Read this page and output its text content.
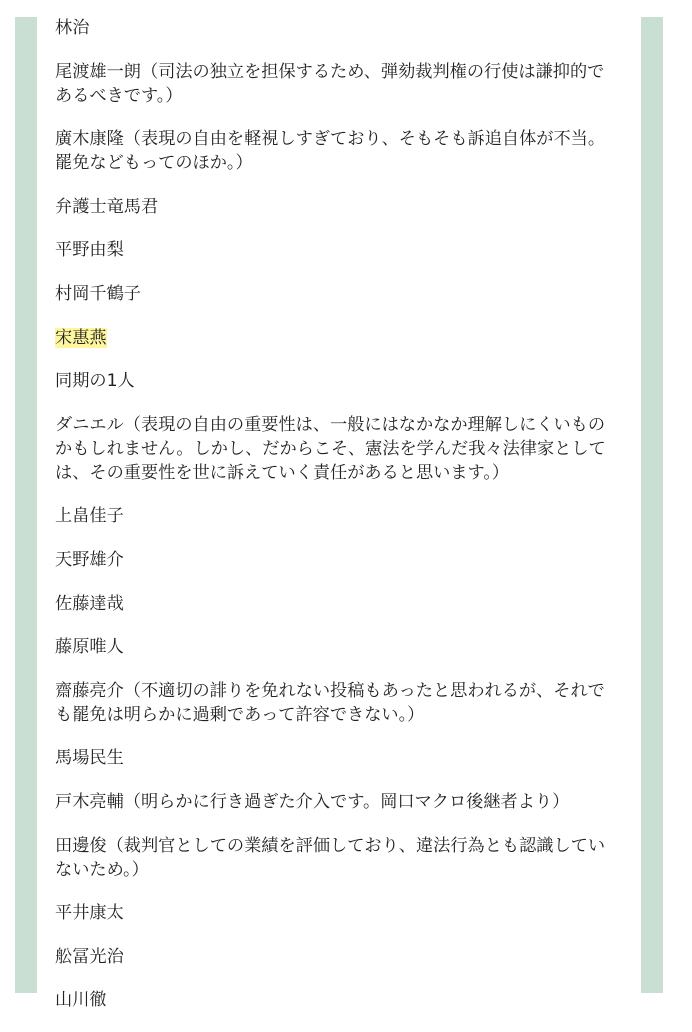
林治

尾渡雄一朗（司法の独立を担保するため、弾劾裁判権の行使は謙抑的であるべきです。）

廣木康隆（表現の自由を軽視しすぎており、そもそも訴追自体が不当。罷免などもってのほか。）

弁護士竜馬君

平野由梨

村岡千鶴子

宋惠燕

同期の1人

ダニエル（表現の自由の重要性は、一般にはなかなか理解しにくいものかもしれません。しかし、だからこそ、憲法を学んだ我々法律家としては、その重要性を世に訴えていく責任があると思います。）

上畠佳子

天野雄介

佐藤達哉

藤原唯人

齋藤亮介（不適切の誹りを免れない投稿もあったと思われるが、それでも罷免は明らかに過剰であって許容できない。）

馬場民生

戸木亮輔（明らかに行き過ぎた介入です。岡口マクロ後継者より）

田邊俊（裁判官としての業績を評価しており、違法行為とも認識していないため。）

平井康太

舩冨光治

山川徹
